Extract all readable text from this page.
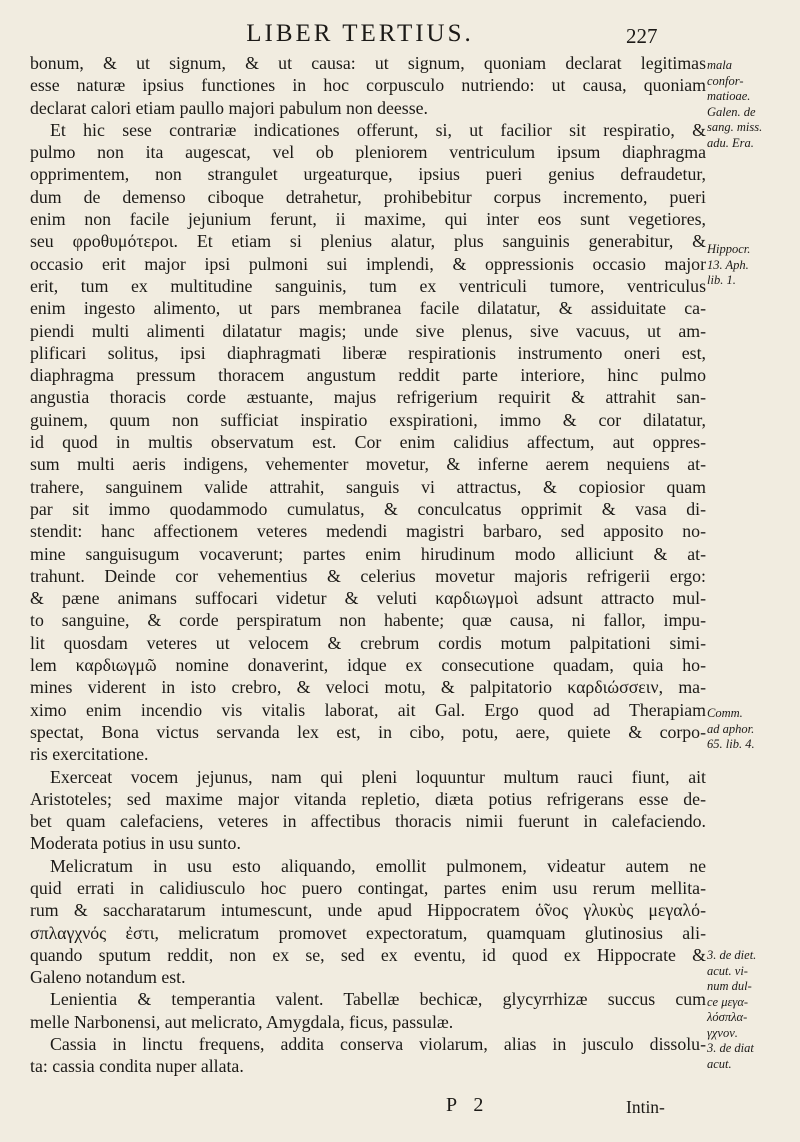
LIBER TERTIUS.	227
bonum, & ut signum, & ut causa: ut signum, quoniam declarat legitimas
esse naturæ ipsius functiones in hoc corpusculo nutriendo: ut causa, quoniam
declarat calori etiam paullo majori pabulum non deesse.
Et hic sese contrariæ indicationes offerunt, si, ut facilior sit respiratio, &
pulmo non ita augescat, vel ob pleniorem ventriculum ipsum diaphragma
opprimentem, non strangulet urgeaturque, ipsius pueri genius defraudetur,
dum de demenso ciboque detrahetur, prohibebitur corpus incremento, pueri
enim non facile jejunium ferunt, ii maxime, qui inter eos sunt vegetiores,
seu φροθυμότεροι. Et etiam si plenius alatur, plus sanguinis generabitur, &
occasio erit major ipsi pulmoni sui implendi, & oppressionis occasio major
erit, tum ex multitudine sanguinis, tum ex ventriculi tumore, ventriculus
enim ingesto alimento, ut pars membranea facile dilatatur, & assiduitate ca-
piendi multi alimenti dilatatur magis; unde sive plenus, sive vacuus, ut am-
plificari solitus, ipsi diaphragmati liberæ respirationis instrumento oneri est,
diaphragma pressum thoracem angustum reddit parte interiore, hinc pulmo
angustia thoracis corde æstuante, majus refrigerium requirit & attrahit san-
guinem, quum non sufficiat inspiratio exspirationi, immo & cor dilatatur,
id quod in multis observatum est. Cor enim calidius affectum, aut oppres-
sum multi aeris indigens, vehementer movetur, & inferne aerem nequiens at-
trahere, sanguinem valide attrahit, sanguis vi attractus, & copiosior quam
par sit immo quodammodo cumulatus, & conculcatus opprimit & vasa di-
stendit: hanc affectionem veteres medendi magistri barbaro, sed apposito no-
mine sanguisugum vocaverunt; partes enim hirudinum modo alliciunt & at-
trahunt. Deinde cor vehementius & celerius movetur majoris refrigerii ergo:
& pæne animans suffocari videtur & veluti καρδιωγμοὶ adsunt attracto mul-
to sanguine, & corde perspiratum non habente; quæ causa, ni fallor, impu-
lit quosdam veteres ut velocem & crebrum cordis motum palpitationi simi-
lem καρδιωγμῶ nomine donaverint, idque ex consecutione quadam, quia ho-
mines viderent in isto crebro, & veloci motu, & palpitatorio καρδιώσσειν, ma-
ximo enim incendio vis vitalis laborat, ait Gal. Ergo quod ad Therapiam
spectat, Bona victus servanda lex est, in cibo, potu, aere, quiete & corpo-
ris exercitatione.
Exerceat vocem jejunus, nam qui pleni loquuntur multum rauci fiunt, ait
Aristoteles; sed maxime major vitanda repletio, diæta potius refrigerans esse de-
bet quam calefaciens, veteres in affectibus thoracis nimii fuerunt in calefaciendo.
Moderata potius in usu sunto.
Melicratum in usu esto aliquando, emollit pulmonem, videatur autem ne
quid errati in calidiusculo hoc puero contingat, partes enim usu rerum mellita-
rum & saccharatarum intumescunt, unde apud Hippocratem ὁ̃νος γλυκὺς μεγαλό-
σπλαγχνός ἐστι, melicratum promovet expectoratum, quamquam glutinosius ali-
quando sputum reddit, non ex se, sed ex eventu, id quod ex Hippocrate &
Galeno notandum est.
Lenientia & temperantia valent. Tabellæ bechicæ, glycyrrhizæ succus cum
melle Narbonensi, aut melicrato, Amygdala, ficus, passulæ.
Cassia in linctu frequens, addita conserva violarum, alias in jusculo dissolu-
ta: cassia condita nuper allata.
mala
confor-
matioae.
Galen. de
sang. miss.
adu. Era.
Hippocr.
13. Aph.
lib. 1.
Comm.
ad aphor.
65. lib. 4.
3. de diet.
acut. vi-
num dul-
ce μεγα-
λόσπλα-
γχνον.
3. de diat
acut.
P 2	Intin-
